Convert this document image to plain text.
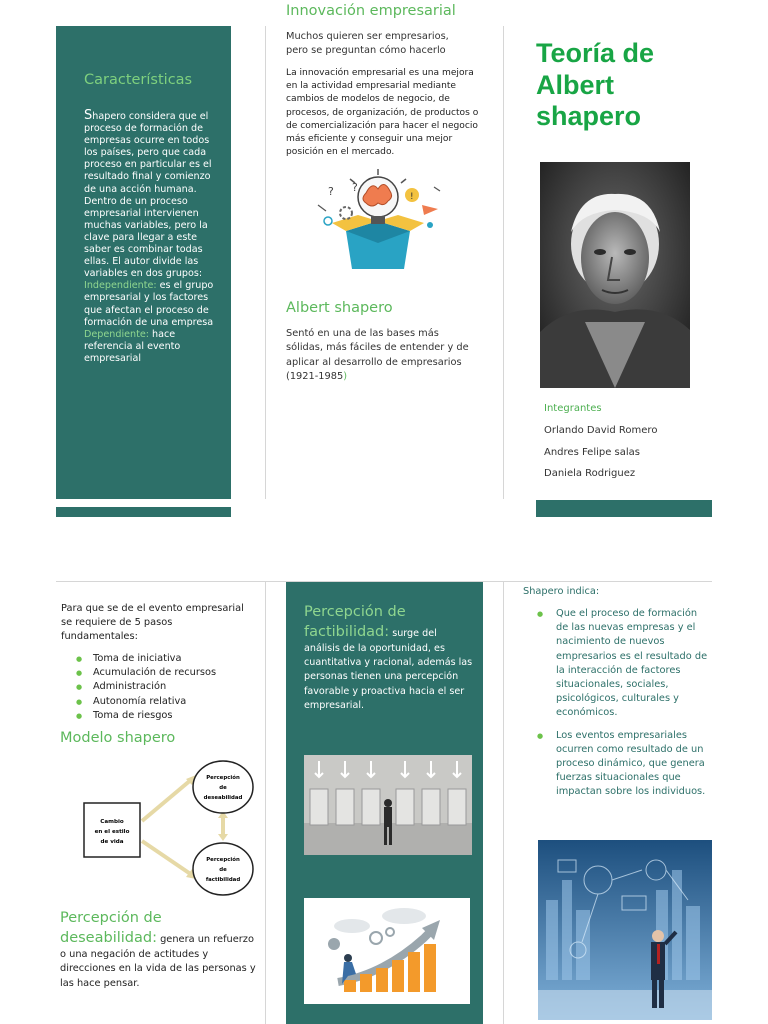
Características
Shapero considera que el proceso de formación de empresas ocurre en todos los países, pero que cada proceso en particular es el resultado final y comienzo de una acción humana. Dentro de un proceso empresarial intervienen muchas variables, pero la clave para llegar a este saber es combinar todas ellas. El autor divide las variables en dos grupos:
Independiente: es el grupo empresarial y los factores que afectan el proceso de formación de una empresa
Dependiente: hace referencia al evento empresarial
Innovación empresarial
Muchos quieren ser empresarios, pero se preguntan cómo hacerlo
La innovación empresarial es una mejora en la actividad empresarial mediante cambios de modelos de negocio, de procesos, de organización, de productos o de comercialización para hacer el negocio más eficiente y conseguir una mejor posición en el mercado.
?
?	!
Albert shapero
Sentó en una de las bases más sólidas, más fáciles de entender y de aplicar al desarrollo de empresarios (1921-1985)
Teoría de Albert shapero
Integrantes
Orlando David Romero
Andres Felipe salas
Daniela Rodriguez
Para que se de el evento empresarial se requiere de 5 pasos fundamentales:
● Toma de iniciativa
● Acumulación de recursos
● Administración
● Autonomía relativa
● Toma de riesgos
Modelo shapero
Cambio
en el estilo
de vida
Percepción
de
deseabilidad
Percepción
de
factibilidad
Percepción de deseabilidad: genera un refuerzo o una negación de actitudes y direcciones en la vida de las personas y las hace pensar.
Percepción de factibilidad: surge del análisis de la oportunidad, es cuantitativa y racional, además las personas tienen una percepción favorable y proactiva hacia el ser empresarial.
Shapero indica:
● Que el proceso de formación de las nuevas empresas y el nacimiento de nuevos empresarios es el resultado de la interacción de factores situacionales, sociales, psicológicos, culturales y económicos.
● Los eventos empresariales ocurren como resultado de un proceso dinámico, que genera fuerzas situacionales que impactan sobre los individuos.
